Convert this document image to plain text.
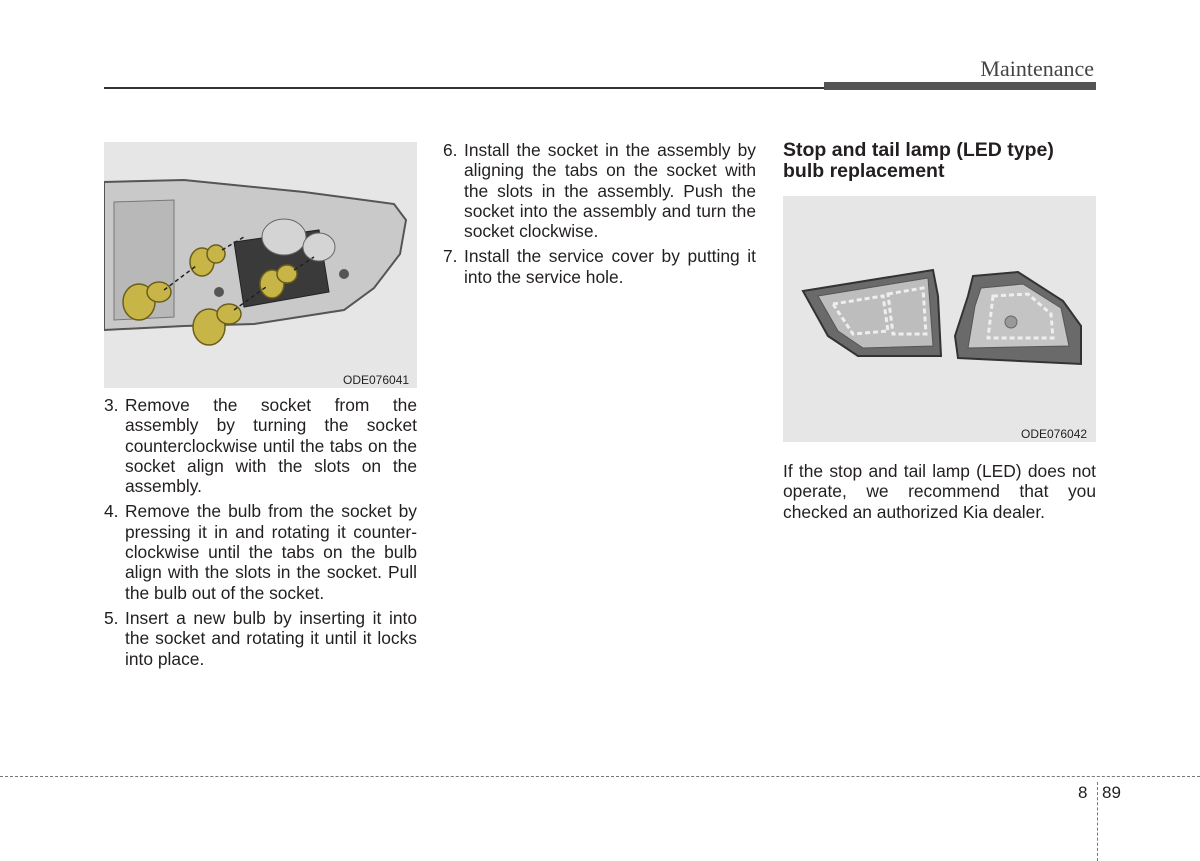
Maintenance
ODE076041
3. Remove the socket from the assembly by turning the socket counterclockwise until the tabs on the socket align with the slots on the assembly.
4. Remove the bulb from the socket by pressing it in and rotating it counter-clockwise until the tabs on the bulb align with the slots in the socket. Pull the bulb out of the socket.
5. Insert a new bulb by inserting it into the socket and rotating it until it locks into place.
6. Install the socket in the assembly by aligning the tabs on the socket with the slots in the assembly. Push the socket into the assembly and turn the socket clockwise.
7. Install the service cover by putting it into the service hole.
Stop and tail lamp (LED type) bulb replacement
ODE076042
If the stop and tail lamp (LED) does not operate, we recommend that you checked an authorized Kia dealer.
8 89
